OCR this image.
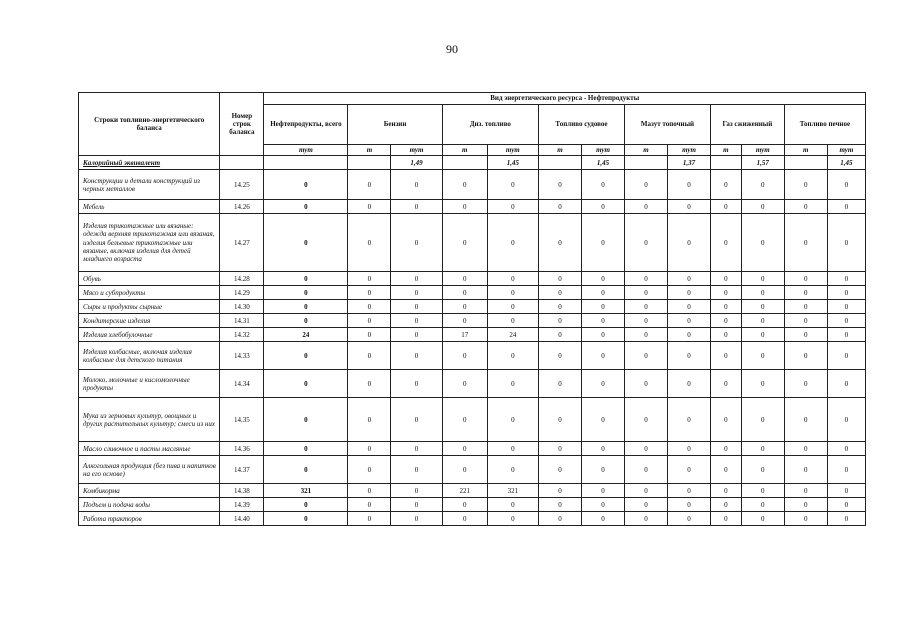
90
Строки топливно-энергетического баланса	Номер строк баланса	Вид энергетического ресурса - Нефтепродукты												
		Нефтепродукты, всего	Бензин		Диз. топливо		Топливо судовое		Мазут топочный		Газ сжиженный		Топливо печное	
		тут	т	тут	т	тут	т	тут	т	тут	т	тут	т	тут
Калорийный эквивалент				1,49		1,45		1,45		1,37		1,57		1,45
Конструкции и детали конструкций из черных металлов	14.25	0	0	0	0	0	0	0	0	0	0	0	0	0
Мебель	14.26	0	0	0	0	0	0	0	0	0	0	0	0	0
Изделия трикотажные или вязаные: одежда верхняя трикотажная или вязаная, изделия бельевые трикотажные или вязаные, включая изделия для детей младшего возраста	14.27	0	0	0	0	0	0	0	0	0	0	0	0	0
Обувь	14.28	0	0	0	0	0	0	0	0	0	0	0	0	0
Мясо и субпродукты	14.29	0	0	0	0	0	0	0	0	0	0	0	0	0
Сыры и продукты сырные	14.30	0	0	0	0	0	0	0	0	0	0	0	0	0
Кондитерские изделия	14.31	0	0	0	0	0	0	0	0	0	0	0	0	0
Изделия хлебобулочные	14.32	24	0	0	17	24	0	0	0	0	0	0	0	0
Изделия колбасные, включая изделия колбасные для детского питания	14.33	0	0	0	0	0	0	0	0	0	0	0	0	0
Молоко, молочные и кисломолочные продукты	14.34	0	0	0	0	0	0	0	0	0	0	0	0	0
Мука из зерновых культур, овощных и других растительных культур; смеси из них	14.35	0	0	0	0	0	0	0	0	0	0	0	0	0
Масло сливочное и пасты масляные	14.36	0	0	0	0	0	0	0	0	0	0	0	0	0
Алкогольная продукция (без пива и напитков на его основе)	14.37	0	0	0	0	0	0	0	0	0	0	0	0	0
Комбикорма	14.38	321	0	0	221	321	0	0	0	0	0	0	0	0
Подъем и подача воды	14.39	0	0	0	0	0	0	0	0	0	0	0	0	0
Работа тракторов	14.40	0	0	0	0	0	0	0	0	0	0	0	0	0
